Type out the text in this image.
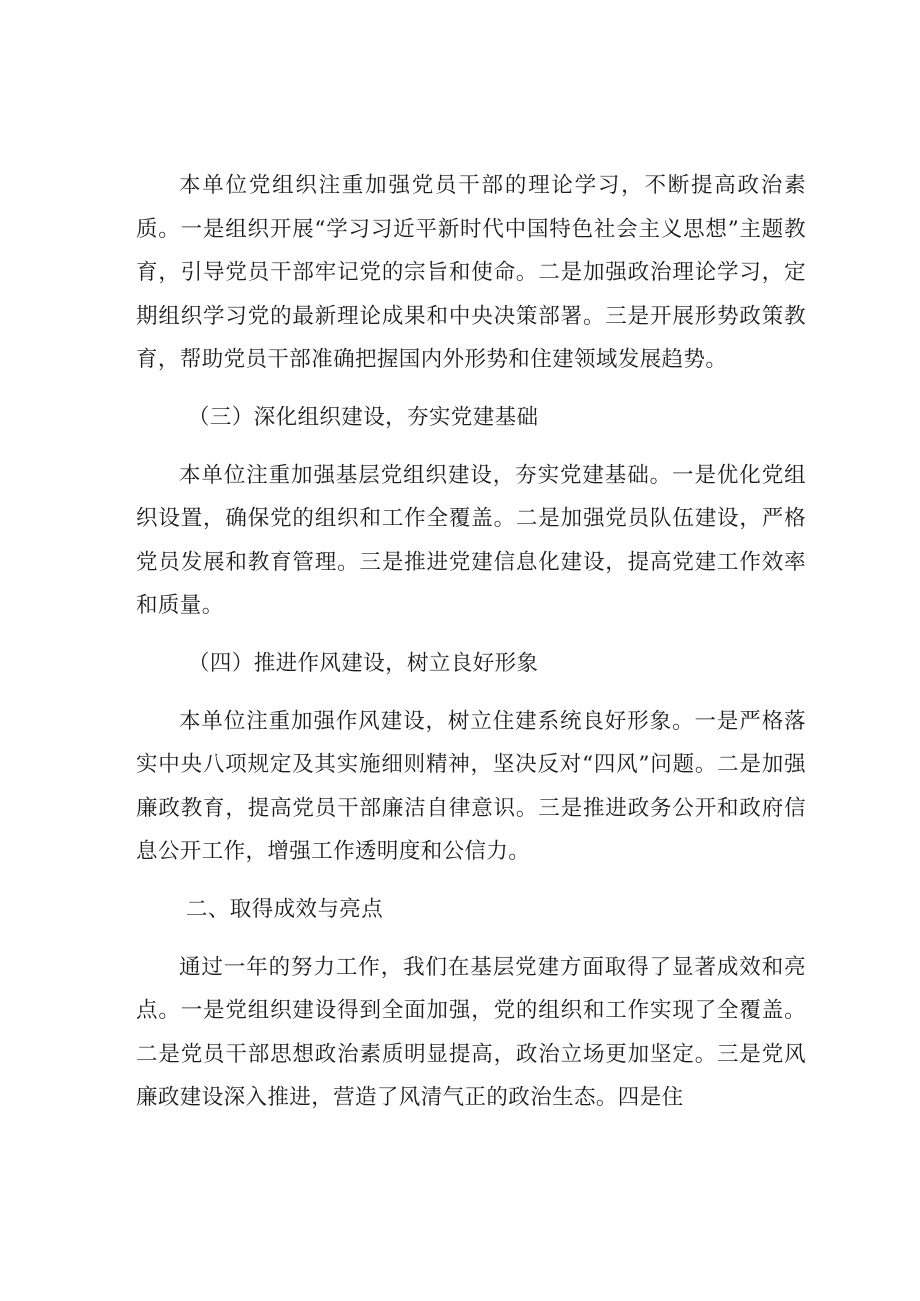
本单位党组织注重加强党员干部的理论学习，不断提高政治素质。一是组织开展“学习习近平新时代中国特色社会主义思想”主题教育，引导党员干部牢记党的宗旨和使命。二是加强政治理论学习，定期组织学习党的最新理论成果和中央决策部署。三是开展形势政策教育，帮助党员干部准确把握国内外形势和住建领域发展趋势。

（三）深化组织建设，夯实党建基础

本单位注重加强基层党组织建设，夯实党建基础。一是优化党组织设置，确保党的组织和工作全覆盖。二是加强党员队伍建设，严格党员发展和教育管理。三是推进党建信息化建设，提高党建工作效率和质量。

（四）推进作风建设，树立良好形象

本单位注重加强作风建设，树立住建系统良好形象。一是严格落实中央八项规定及其实施细则精神，坚决反对“四风”问题。二是加强廉政教育，提高党员干部廉洁自律意识。三是推进政务公开和政府信息公开工作，增强工作透明度和公信力。

二、取得成效与亮点

通过一年的努力工作，我们在基层党建方面取得了显著成效和亮点。一是党组织建设得到全面加强，党的组织和工作实现了全覆盖。二是党员干部思想政治素质明显提高，政治立场更加坚定。三是党风廉政建设深入推进，营造了风清气正的政治生态。四是住
